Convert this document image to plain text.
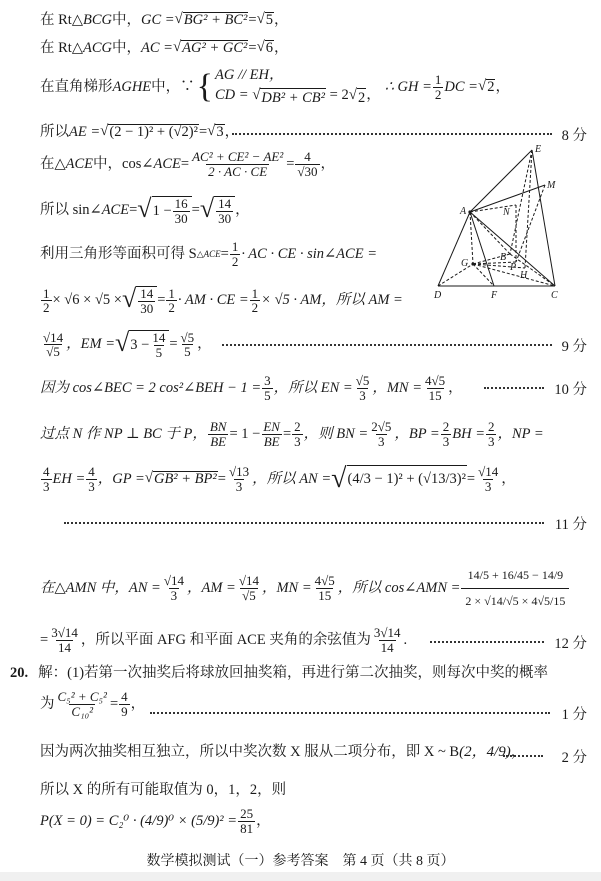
在 Rt△ BCG 中， GC = √ BG² + BC² = √ 5 ，
在 Rt△ ACG 中， AC = √ AG² + GC² = √ 6 ，
在直角梯形 AGHE 中，∵ { AG // EH，
CD = √ DB² + CB² = 2 √ 2 ， ∴ GH = $\frac{1}{2}$ DC = √ 2 ，
所以 AE = √ (2 − 1)² + (√2)² = √ 3 ，	8 分
在△ ACE 中，cos∠ ACE = $\frac{\text{AC² + CE² − AE²}}{2 \cdot AC \cdot CE} = \frac{4}{√30}$ ，
所以 sin∠ ACE = √ $1 - \frac{16}{30}$ = √ $\frac{14}{30}$ ，
利用三角形等面积可得 S △ACE = $\frac{1}{2}$ · AC · CE · sin∠ACE =
$\frac{1}{2} \times √6 \times √5$ × √ $\frac{14}{30} = \frac{1}{2}$ · AM · CE = $\frac{1}{2} \times √5$ · AM，所以 AM =
$\frac{√14}{√5}$ ，EM = √ $3 - \frac{14}{5} = \frac{√5}{5}$ ，	9 分
因为 cos∠BEC = 2 cos²∠BEH − $1 = \frac{3}{5}$ ，所以 EN = $\frac{√5}{3}$ ，MN = $\frac{4√5}{15}$ ，	10 分
过点 N 作 NP ⊥ BC 于 P， $\frac{BN}{BE} = 1 - \frac{EN}{BE} = \frac{2}{3}$ ，则 BN = $\frac{2√5}{3}$ ，BP = $\frac{2}{3}$ BH = $\frac{2}{3}$ ，NP =
$\frac{4}{3}$ EH = $\frac{4}{3}$ ，GP = √ $GB^2 + BP^2 = \frac{√13}{3}$ ，所以 AN = √ $(4/3 - 1)^2 + (√13/3)^2 = \frac{√14}{3}$ ，
11 分
在△AMN 中，AN = $\frac{√14}{3}$ ，AM = $\frac{√14}{√5}$ ，MN = $\frac{4√5}{15}$ ，所以 cos∠AMN = $\frac{14/5 + 16/45 - 14/9}{2 \times √14/√5 \times 4√5/15}$
= $\frac{3√14}{14}$ ，所以平面 AFG 和平面 ACE 夹角的余弦值为 $\frac{3√14}{14}$ .	12 分
20. 解：(1)若第一次抽奖后将球放回抽奖箱，再进行第二次抽奖，则每次中奖的概率
为 $\frac{\text{C₅² + C₅²}}{\text{C₁₀²}} = \frac{4}{9}$ ，
1 分
因为两次抽奖相互独立，所以中奖次数 X 服从二项分布，即 X ~ B (2，4/9) ，	2 分
所以 X 的所有可能取值为 0，1，2，则
$P(X = 0) = C_2^0 \cdot (4/9)^0 \times (5/9)^2 = \frac{25}{81}$ ，
数学模拟测试（一）参考答案　第 4 页（共 8 页）
E
M
A	N
G
B
P
H
D	F	C
